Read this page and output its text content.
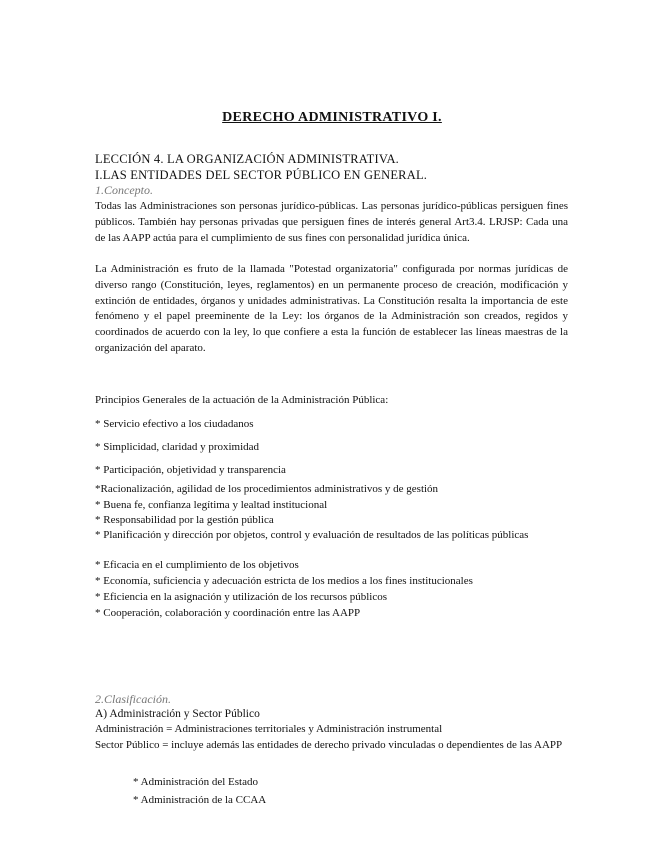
DERECHO ADMINISTRATIVO I.
LECCIÓN 4. LA ORGANIZACIÓN ADMINISTRATIVA.
I.LAS ENTIDADES DEL SECTOR PÚBLICO EN GENERAL.
1.Concepto.

Todas las Administraciones son personas jurídico-públicas. Las personas jurídico-públicas persiguen fines públicos. También hay personas privadas que persiguen fines de interés general Art3.4. LRJSP: Cada una de las AAPP actúa para el cumplimiento de sus fines con personalidad jurídica única.

La Administración es fruto de la llamada "Potestad organizatoria" configurada por normas jurídicas de diverso rango (Constitución, leyes, reglamentos) en un permanente proceso de creación, modificación y extinción de entidades, órganos y unidades administrativas. La Constitución resalta la importancia de este fenómeno y el papel preeminente de la Ley: los órganos de la Administración son creados, regidos y coordinados de acuerdo con la ley, lo que confiere a esta la función de establecer las líneas maestras de la organización del aparato.

Principios Generales de la actuación de la Administración Pública:
* Servicio efectivo a los ciudadanos
* Simplicidad, claridad y proximidad
* Participación, objetividad y transparencia
*Racionalización, agilidad de los procedimientos administrativos y de gestión
* Buena fe, confianza legítima y lealtad institucional
* Responsabilidad por la gestión pública
* Planificación y dirección por objetos, control y evaluación de resultados de las políticas públicas
* Eficacia en el cumplimiento de los objetivos
* Economía, suficiencia y adecuación estricta de los medios a los fines institucionales
* Eficiencia en la asignación y utilización de los recursos públicos
* Cooperación, colaboración y coordinación entre las AAPP
2.Clasificación.
A) Administración y Sector Público
Administración = Administraciones territoriales y Administración instrumental

Sector Público = incluye además las entidades de derecho privado vinculadas o dependientes de las AAPP

* Administración del Estado
* Administración de la CCAA
